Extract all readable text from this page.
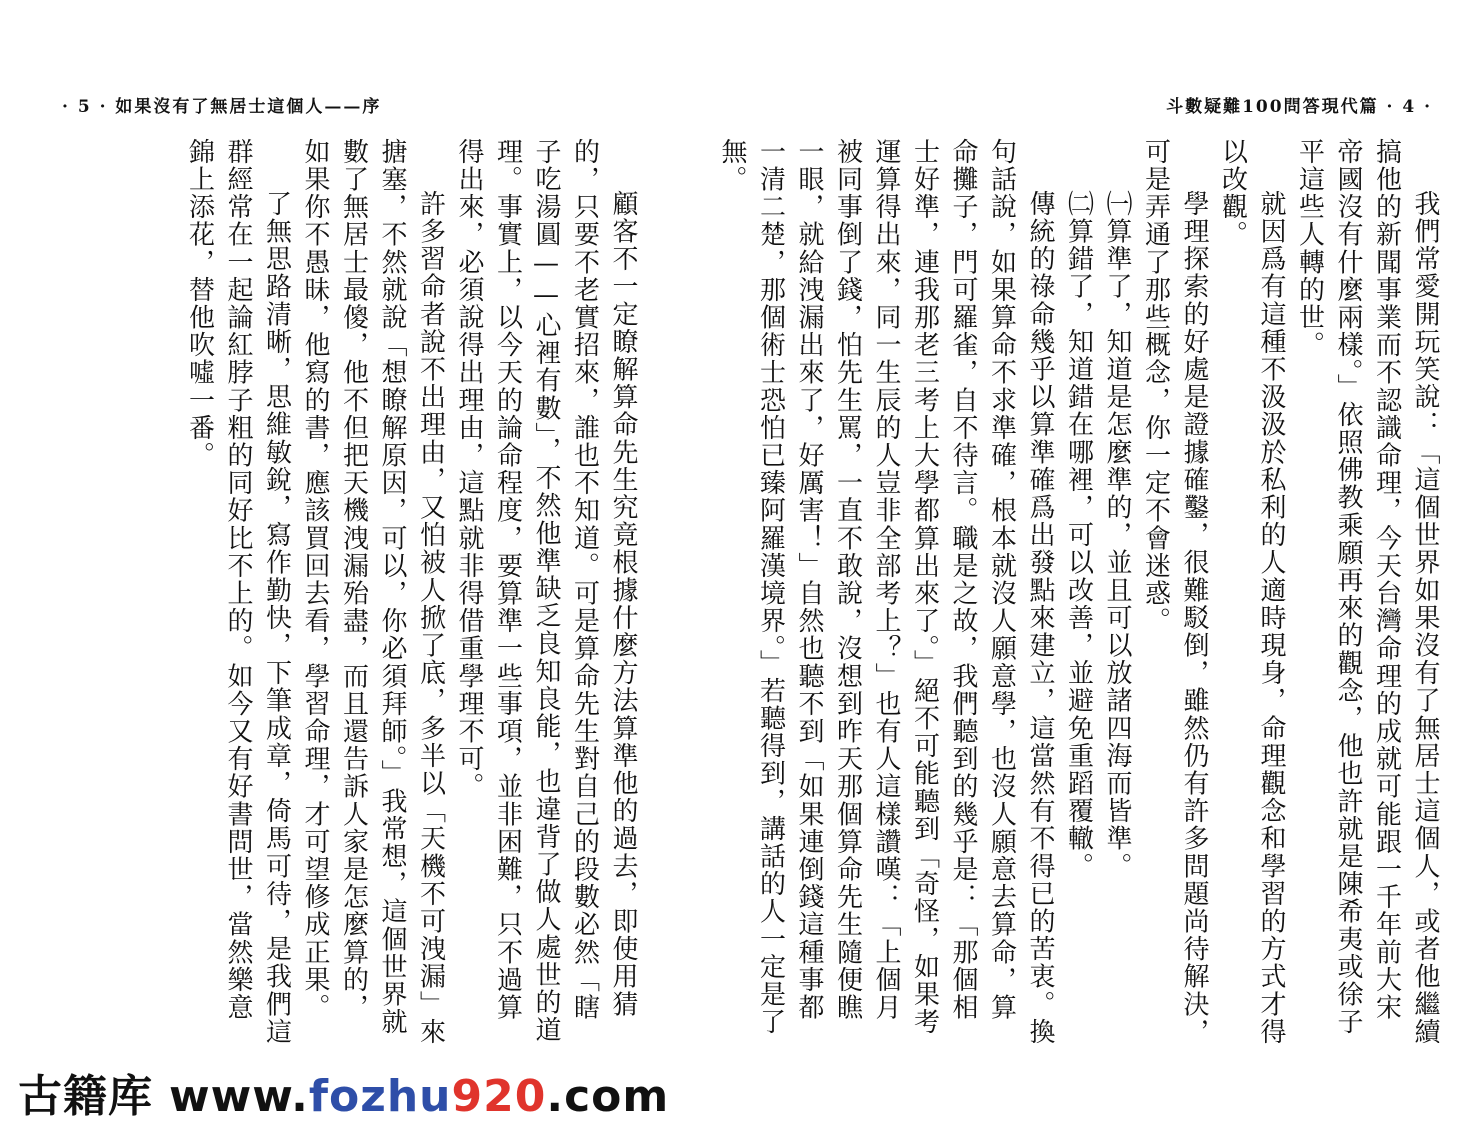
· 5 · 如果沒有了無居士這個人——序	斗數疑難100問答現代篇 · 4 ·

我們常愛開玩笑說：「這個世界如果沒有了無居士這個人，或者他繼續搞他的新聞事業而不認識命理，今天台灣命理的成就可能跟一千年前大宋帝國沒有什麼兩樣。」依照佛教乘願再來的觀念，他也許就是陳希夷或徐子平這些人轉的世。

就因爲有這種不汲汲於私利的人適時現身，命理觀念和學習的方式才得以改觀。

學理探索的好處是證據確鑿，很難駁倒，雖然仍有許多問題尚待解決，可是弄通了那些概念，你一定不會迷惑。

㈠算準了，知道是怎麼準的，並且可以放諸四海而皆準。

㈡算錯了，知道錯在哪裡，可以改善，並避免重蹈覆轍。

傳統的祿命幾乎以算準確爲出發點來建立，這當然有不得已的苦衷。換句話說，如果算命不求準確，根本就沒人願意學，也沒人願意去算命，算命攤子，門可羅雀，自不待言。職是之故，我們聽到的幾乎是：「那個相士好準，連我那老三考上大學都算出來了。」絕不可能聽到「奇怪，如果考運算得出來，同一生辰的人豈非全部考上？」也有人這樣讚嘆：「上個月被同事倒了錢，怕先生罵，一直不敢說，沒想到昨天那個算命先生隨便瞧一眼，就給洩漏出來了，好厲害！」自然也聽不到「如果連倒錢這種事都一清二楚，那個術士恐怕已臻阿羅漢境界。」若聽得到，講話的人一定是了無。

顧客不一定瞭解算命先生究竟根據什麼方法算準他的過去，即使用猜的，只要不老實招來，誰也不知道。可是算命先生對自己的段數必然「瞎子吃湯圓——心裡有數」，不然他準缺乏良知良能，也違背了做人處世的道理。事實上，以今天的論命程度，要算準一些事項，並非困難，只不過算得出來，必須說得出理由，這點就非得借重學理不可。

許多習命者說不出理由，又怕被人掀了底，多半以「天機不可洩漏」來搪塞，不然就說「想瞭解原因，可以，你必須拜師。」我常想，這個世界就數了無居士最傻，他不但把天機洩漏殆盡，而且還告訴人家是怎麼算的，如果你不愚昧，他寫的書，應該買回去看，學習命理，才可望修成正果。

了無思路清晰，思維敏銳，寫作勤快，下筆成章，倚馬可待，是我們這群經常在一起論紅脖子粗的同好比不上的。如今又有好書問世，當然樂意錦上添花，替他吹噓一番。

古籍库 www.fozhu920.com
